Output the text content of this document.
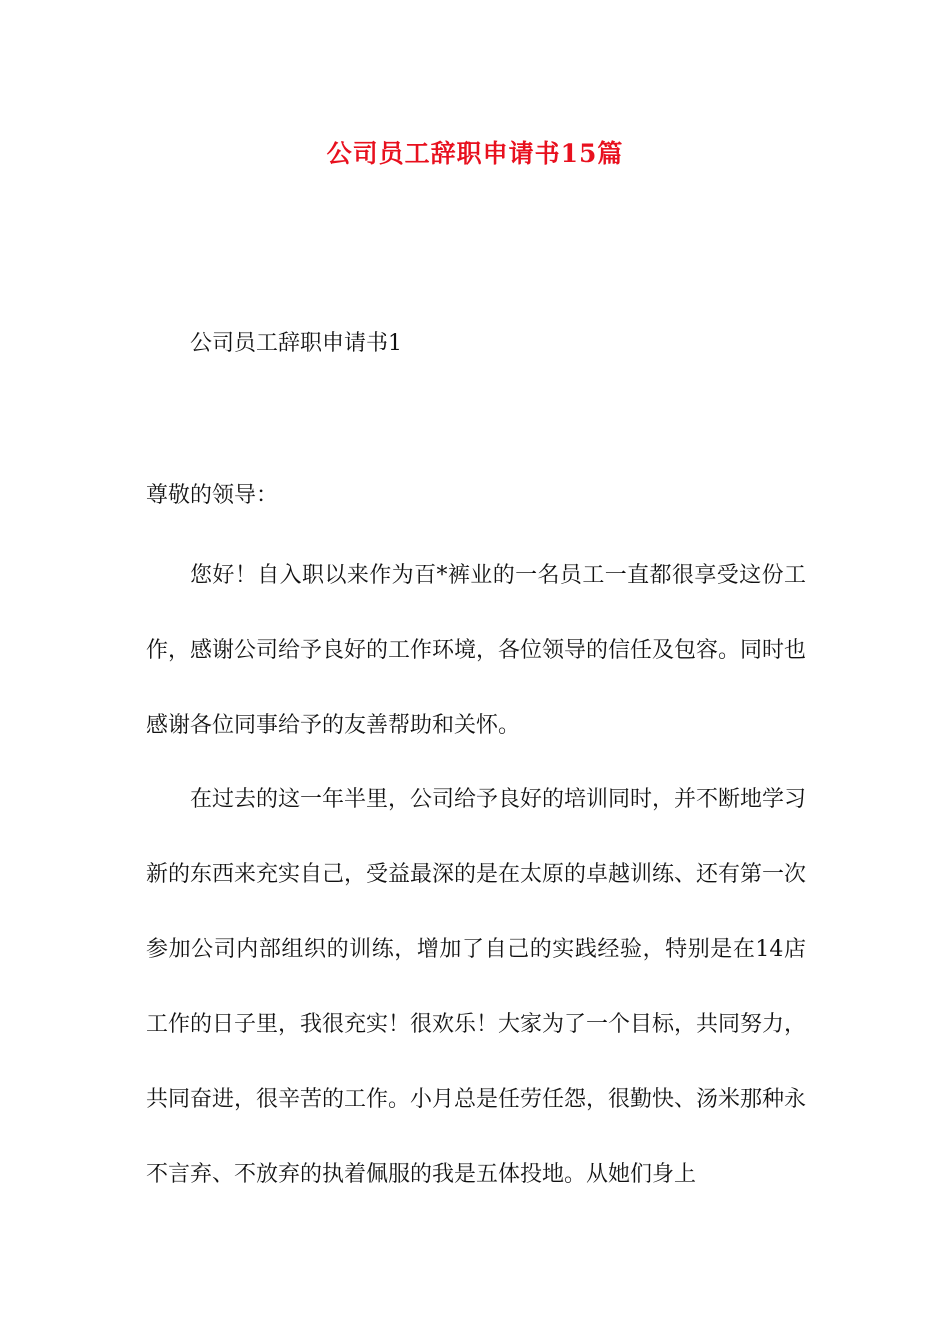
公司员工辞职申请书15篇
公司员工辞职申请书1
尊敬的领导：

您好！自入职以来作为百*裤业的一名员工一直都很享受这份工作，感谢公司给予良好的工作环境，各位领导的信任及包容。同时也感谢各位同事给予的友善帮助和关怀。

在过去的这一年半里，公司给予良好的培训同时，并不断地学习新的东西来充实自己，受益最深的是在太原的卓越训练、还有第一次参加公司内部组织的训练，增加了自己的实践经验，特别是在14店工作的日子里，我很充实！很欢乐！大家为了一个目标，共同努力，共同奋进，很辛苦的工作。小月总是任劳任怨，很勤快、汤米那种永不言弃、不放弃的执着佩服的我是五体投地。从她们身上
